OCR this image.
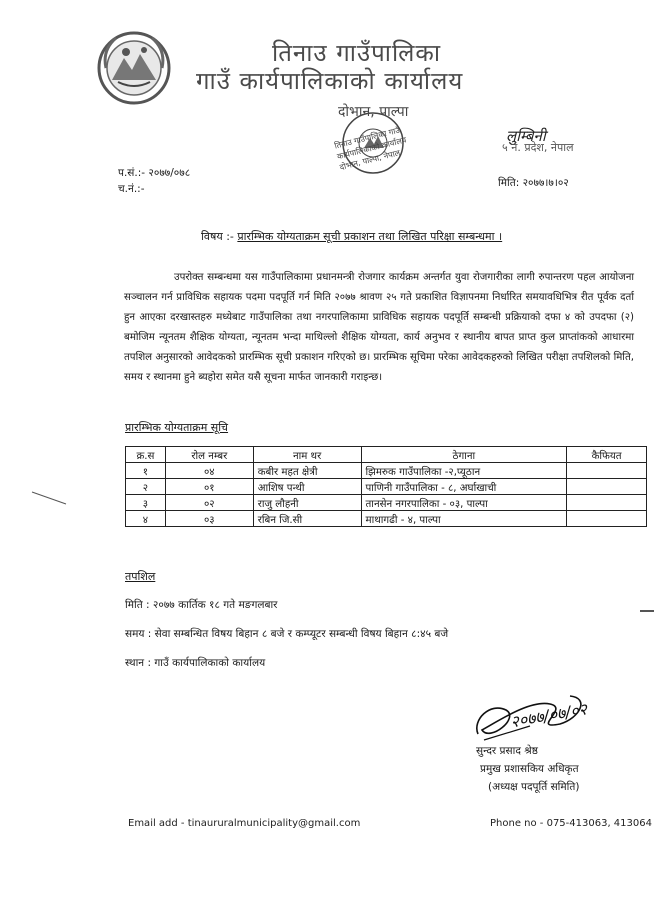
तिनाउ गाउँपालिका
गाउँ कार्यपालिकाको कार्यालय
दोभान, पाल्पा
तिनाउ गाउँपालिका गाउँ कार्यपालिकाको कार्यालय दोभान, पाल्पा, नेपाल
लुम्बिनी
५ नं. प्रदेश, नेपाल
प.सं.:- २०७७/०७८
च.नं.:-	मिति: २०७७।७।०२
विषय :- प्रारम्भिक योग्यताक्रम सूची प्रकाशन तथा लिखित परिक्षा सम्बन्धमा ।
उपरोक्त सम्बन्धमा यस गाउँपालिकामा प्रधानमन्त्री रोजगार कार्यक्रम अन्तर्गत युवा रोजगारीका लागी रुपान्तरण पहल आयोजना सञ्चालन गर्न प्राविधिक सहायक पदमा पदपूर्ति गर्न मिति २०७७ श्रावण २५ गते प्रकाशित विज्ञापनमा निर्धारित समयावधिभित्र रीत पूर्वक दर्ता हुन आएका दरखास्तहरु मध्येबाट गाउँपालिका तथा नगरपालिकामा प्राविधिक सहायक पदपूर्ति सम्बन्धी प्रक्रियाको दफा ४ को उपदफा (२) बमोजिम न्यूनतम शैक्षिक योग्यता, न्यूनतम भन्दा माथिल्लो शैक्षिक योग्यता, कार्य अनुभव र स्थानीय बापत प्राप्त कुल प्राप्तांकको आधारमा तपशिल अनुसारको आवेदकको प्रारम्भिक सूची प्रकाशन गरिएको छ। प्रारम्भिक सूचिमा परेका आवेदकहरुको लिखित परीक्षा तपशिलको मिति, समय र स्थानमा हुने ब्यहोरा समेत यसै सूचना मार्फत जानकारी गराइन्छ।
प्रारम्भिक योग्यताक्रम सूचि
क्र.स	रोल नम्बर	नाम थर	ठेगाना	कैफियत
१	०४	कबीर महत क्षेत्री	झिमरुक गाउँपालिका -२,प्यूठान	
२	०१	आशिष पन्थी	पाणिनी गाउँपालिका - ८, अर्घाखाची	
३	०२	राजु लौहनी	तानसेन नगरपालिका - ०३, पाल्पा	
४	०३	रबिन जि.सी	माथागढी - ४, पाल्पा	
तपशिल
मिति : २०७७ कार्तिक १८ गते मङगलबार
समय : सेवा सम्बन्धित विषय बिहान ८ बजे र कम्प्यूटर सम्बन्धी विषय बिहान ८:४५ बजे
स्थान : गाउँ कार्यपालिकाको कार्यालय
२०७७/०७/०२
सुन्दर प्रसाद श्रेष्ठ
प्रमुख प्रशासकिय अधिकृत
(अध्यक्ष पदपूर्ति समिति)
Email add - tinaururalmunicipality@gmail.com	Phone no - 075-413063, 413064
